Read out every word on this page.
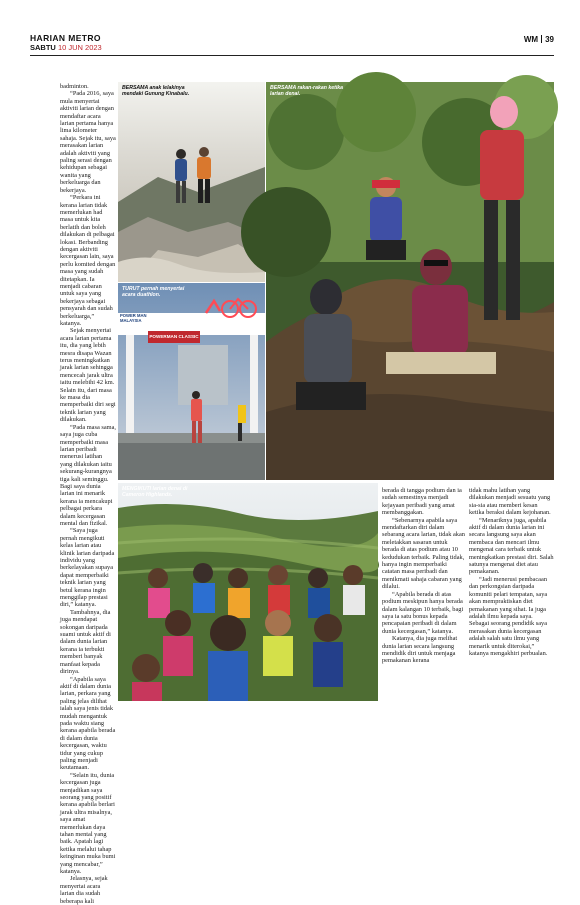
HARIAN METRO
SABTU 10 JUN 2023
WM 39

badminton.

“Pada 2016, saya mula menyertai aktiviti larian dengan mendaftar acara larian pertama hanya lima kilometer sahaja. Sejak itu, saya merasakan larian adalah aktiviti yang paling serasi dengan kehidupan sebagai wanita yang berkeluarga dan bekerjaya.

“Perkara ini kerana larian tidak memerlukan had masa untuk kita berlatih dan boleh dilakukan di pelbagai lokasi. Berbanding dengan aktiviti kecergasan lain, saya perlu komited dengan masa yang sudah ditetapkan. Ia menjadi cabaran untuk saya yang bekerjaya sebagai pensyarah dan sudah berkeluarga,” katanya.

Sejak menyertai acara larian pertama itu, dia yang lebih mesra disapa Wazan terus meningkatkan jarak larian sehingga mencecah jarak ultra iaitu melebihi 42 km. Selain itu, dari masa ke masa dia memperbaiki diri segi teknik larian yang dilakukan.

“Pada masa sama, saya juga cuba memperbaiki masa larian peribadi menerusi latihan yang dilakukan iaitu sekurang-kurangnya tiga kali seminggu. Bagi saya dunia larian ini menarik kerana ia mencakupi pelbagai perkara dalam kecergasan mental dan fizikal.

“Saya juga pernah mengikuti kelas larian atau klinik larian daripada individu yang berkelayakan supaya dapat memperbaiki teknik larian yang betul kerana ingin menggilap prestasi diri,” katanya.

Tambahnya, dia juga mendapat sokongan daripada suami untuk aktif di dalam dunia larian kerana ia terbukti memberi banyak manfaat kepada dirinya.

“Apabila saya aktif di dalam dunia larian, perkara yang paling jelas dilihat ialah saya jenis tidak mudah mengantuk pada waktu siang kerana apabila berada di dalam dunia kecergasan, waktu tidur yang cukup paling menjadi keutamaan.

“Selain itu, dunia kecergasan juga menjadikan saya seorang yang positif kerana apabila berlari jarak ultra misalnya, saya amat memerlukan daya tahan mental yang baik. Apatah lagi ketika melalui tahap keinginan muka bumi yang mencabar,” katanya.

Jelasnya, sejak menyertai acara larian dia sudah beberapa kali

BERSAMA anak lelakinya mendaki Gunung Kinabalu.
TURUT pernah menyertai acara duathlon.
POWER MAN MALAYSIA
POWERMAN CLASSIC
BERSAMA rakan-rakan ketika larian denai.
MENGIKUTI larian denai di Cameron Highlands.

berada di tangga podium dan ia sudah semestinya menjadi kejayaan peribadi yang amat membanggakan.

“Sebenarnya apabila saya mendaftarkan diri dalam sebarang acara larian, tidak akan meletakkan sasaran untuk berada di atas podium atau 10 kedudukan terbaik. Paling tidak, hanya ingin memperbaiki catatan masa peribadi dan menikmati sahaja cabaran yang dilalui.

“Apabila berada di atas podium meskipun hanya berada dalam kalangan 10 terbaik, bagi saya ia satu bonus kepada pencapaian peribadi di dalam dunia kecergasan,” katanya.

Katanya, dia juga melihat dunia larian secara langsung mendidik diri untuk menjaga pemakanan kerana

tidak mahu latihan yang dilakukan menjadi sesuatu yang sia-sia atau memberi kesan ketika beraksi dalam kejohanan.

“Menariknya juga, apabila aktif di dalam dunia larian ini secara langsung saya akan membaca dan mencari ilmu mengenai cara terbaik untuk meningkatkan prestasi diri. Salah satunya mengenai diet atau pemakanan.

“Jadi menerusi pembacaan dan perkongsian daripada komuniti pelari tempatan, saya akan mempraktiskan diet pemakanan yang sihat. Ia juga adalah ilmu kepada saya. Sebagai seorang pendidik saya merasakan dunia kecergasan adalah salah satu ilmu yang menarik untuk diterokai,” katanya mengakhiri perbualan.
